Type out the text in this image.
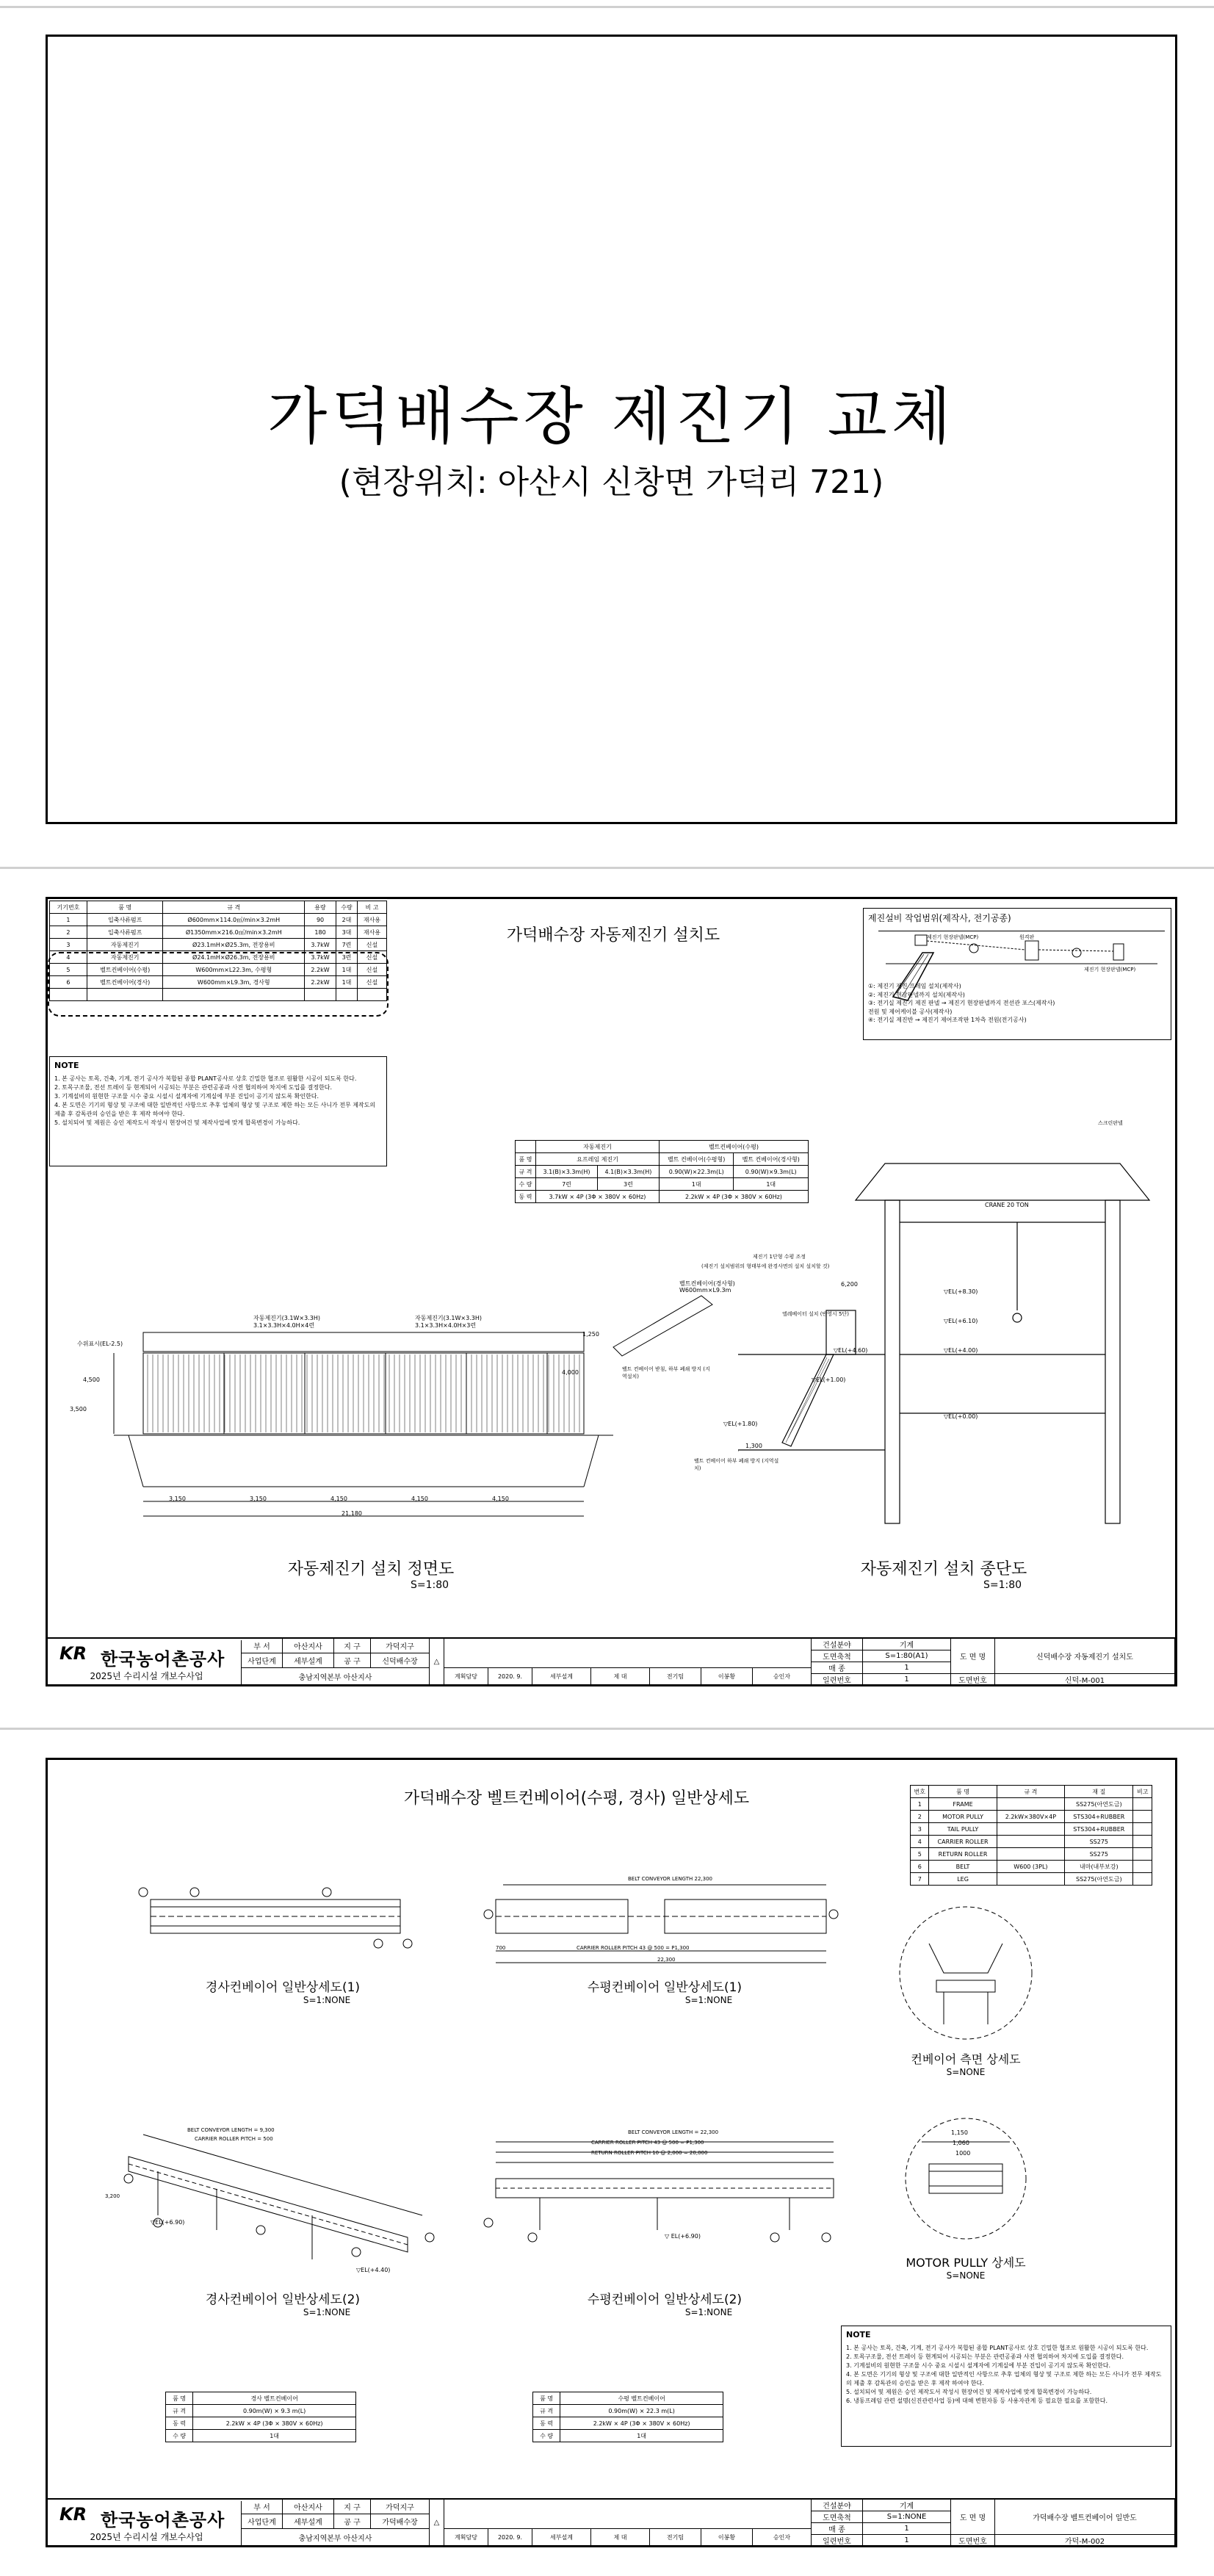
가덕배수장 제진기 교체
(현장위치: 아산시 신창면 가덕리 721)
가덕배수장 자동제진기 설치도
기기번호	품 명	규 격	용량	수량	비 고
1	입축사류펌프	Ø600mm×114.0㎥/min×3.2mH	90	2대	재사용
2	입축사류펌프	Ø1350mm×216.0㎥/min×3.2mH	180	3대	재사용
3	자동제진기	Ø23.1mH×Ø25.3m, 전장용비	3.7kW	7련	신설
4	자동제진기	Ø24.1mH×Ø26.3m, 전장용비	3.7kW	3련	신설
5	벨트컨베이어(수평)	W600mm×L22.3m, 수평형	2.2kW	1대	신설
6	벨트컨베이어(경사)	W600mm×L9.3m, 경사형	2.2kW	1대	신설

NOTE
1. 본 공사는 토목, 건축, 기계, 전기 공사가 복합된 종합 PLANT공사로 상호 긴밀한 협조로 원활한 시공이 되도록 한다.
2. 토목구조물, 전선 트레이 등 현계되어 시공되는 부분은 관련공종과 사전 협의하여 차지에 도입를 결정한다.
3. 기계설비의 원현한 구조물 시수 중요 시설시 설계자에 기계실에 부분 진입이 공기지 않도록 확인한다.
4. 본 도면은 기기의 형상 및 구조에 대한 일반적인 사항으로 추후 업체의 형상 및 구조로 제한 하는 모든 사니가 전무 제작도의 제출 후 감독관의 승인을 받은 후 제작 하여야 한다.
5. 설치되어 및 제원은 승인 제작도서 작성시 현장여건 및 제작사업에 맞게 합목변경이 가능하다.
제진설비 작업범위(제작사, 전기공종)
제진기 현장판넬(MCP)	원격판
제진기 현장판넬(MCP)
①: 제진기 제진 프레임 설치(제작사)
②: 제진기 현장판넬까지 설치(제작사)
③: 전기실 제진기 제진 판넬 → 제진기 현장판넬까지 전선관 포스(제작사)
전원 및 제어케이블 공사(제작사)
④: 전기실 제진반 → 제진기 제어조작판 1차측 전원(전기공사)
	자동제진기		벨트컨베이어(수평)	
품 명	요프레임 제진기		벨트 컨베이어(수평형)	벨트 컨베이어(경사형)
규 격	3.1(B)×3.3m(H)	4.1(B)×3.3m(H)	0.90(W)×22.3m(L)	0.90(W)×9.3m(L)
수 량	7련	3련	1대	1대
동 력	3.7kW × 4P (3Φ × 380V × 60Hz)		2.2kW × 4P (3Φ × 380V × 60Hz)	
자동제진기(3.1W×3.3H)
3.1×3.3H×4.0H×4련
자동제진기(3.1W×3.3H)
3.1×3.3H×4.0H×3련
벨트컨베이어(경사형)
W600mm×L9.3m
수위표시(EL-2.5)
3,500
4,500
1,250
4,000	벨트 컨베이어 받침, 하부 폐쇄 방지 (지역설치)
3,150	3,150	4,150	4,150	4,150
21,180
자동제진기 설치 정면도
S=1:80
CRANE 20 TON
▽EL(+8.30)
▽EL(+6.10)
▽EL(+4.00)
▽EL(+4.60)
▽EL(+1.00)
▽EL(+0.00)
▽EL(+1.80)
6,200
1,300
(제진기 설치범위의 형태부에 완경사면의 설치 설치할 것)
제진기 1단형 수평 조정
엘레베이터 설치 (반영시 5단)
벨트 컨베이어 하부 폐쇄 방지 (지역설치)
스크린판넬
자동제진기 설치 종단도
S=1:80
KR 한국농어촌공사
2025년 수리시설 개보수사업
부 서	아산지사	지 구	가덕지구
사업단계	세부설계	공 구	신덕배수장
충남지역본부 아산지사
△
계획담당	2020. 9.	세부설계	제 대	전기팀	이봉황	승인자
건설분야	기계
도면축척	S=1:80(A1)
매 종	1
일련번호	1
도 면 명	신덕배수장 자동제진기 설치도
도면번호	신덕-M-001
가덕배수장 벨트컨베이어(수평, 경사) 일반상세도	번호	품 명	규 격	재 질	비고
1	FRAME		SS275(아연도금)	
2	MOTOR PULLY	2.2kW×380V×4P	STS304+RUBBER	
3	TAIL PULLY		STS304+RUBBER	
4	CARRIER ROLLER		SS275	
5	RETURN ROLLER		SS275	
6	BELT	W600 (3PL)	내마(내부보강)	
7	LEG		SS275(아연도금)	
경사컨베이어 일반상세도(1)
S=1:NONE
BELT CONVEYOR LENGTH 22,300
CARRIER ROLLER PITCH 43 @ 500 = P1,300
22,300
700
수평컨베이어 일반상세도(1)
S=1:NONE
컨베이어 측면 상세도
S=NONE
BELT CONVEYOR LENGTH = 9,300
CARRIER ROLLER PITCH = 500
▽EL(+6.90)
▽EL(+4.40)
3,200
경사컨베이어 일반상세도(2)
S=1:NONE
BELT CONVEYOR LENGTH = 22,300
CARRIER ROLLER PITCH 43 @ 500 = P1,300
RETURN ROLLER PITCH 10 @ 2,000 = 20,000
▽ EL(+6.90)
수평컨베이어 일반상세도(2)
S=1:NONE
1,150
1,060
1000
MOTOR PULLY 상세도
S=NONE
품 명	경사 벨트컨베이어
규 격	0.90m(W) × 9.3 m(L)
동 력	2.2kW × 4P (3Φ × 380V × 60Hz)
수 량	1대
품 명	수평 벨트컨베이어
규 격	0.90m(W) × 22.3 m(L)
동 력	2.2kW × 4P (3Φ × 380V × 60Hz)
수 량	1대
NOTE
1. 본 공사는 토목, 건축, 기계, 전기 공사가 복합된 종합 PLANT공사로 상호 긴밀한 협조로 원활한 시공이 되도록 한다.
2. 토목구조물, 전선 트레이 등 현계되어 시공되는 부분은 관련공종과 사전 협의하여 차지에 도입를 결정한다.
3. 기계설비의 원현한 구조물 시수 중요 시설시 설계자에 기계실에 부분 진입이 공기지 않도록 확인한다.
4. 본 도면은 기기의 형상 및 구조에 대한 일반적인 사항으로 추후 업체의 형상 및 구조로 제한 하는 모든 사니가 전무 제작도의 제출 후 감독관의 승인을 받은 후 제작 하여야 한다.
5. 설치되어 및 제원은 승인 제작도서 작성시 현장여건 및 제작사업에 맞게 합목변경이 가능하다.
6. 냉동프레임 관련 설명(신진관련사업 등)에 대해 변현자동 등 사용자관계 등 필요한 필요를 포함한다.
KR 한국농어촌공사
2025년 수리시설 개보수사업
부 서	아산지사	지 구	가덕지구
사업단계	세부설계	공 구	가덕배수장
충남지역본부 아산지사
△
계획담당	2020. 9.	세부설계	제 대	전기팀	이봉황	승인자
건설분야	기계
도면축척	S=1:NONE
매 종	1
일련번호	1
도 면 명	가덕배수장 벨트컨베이어 일반도
도면번호	가덕-M-002
